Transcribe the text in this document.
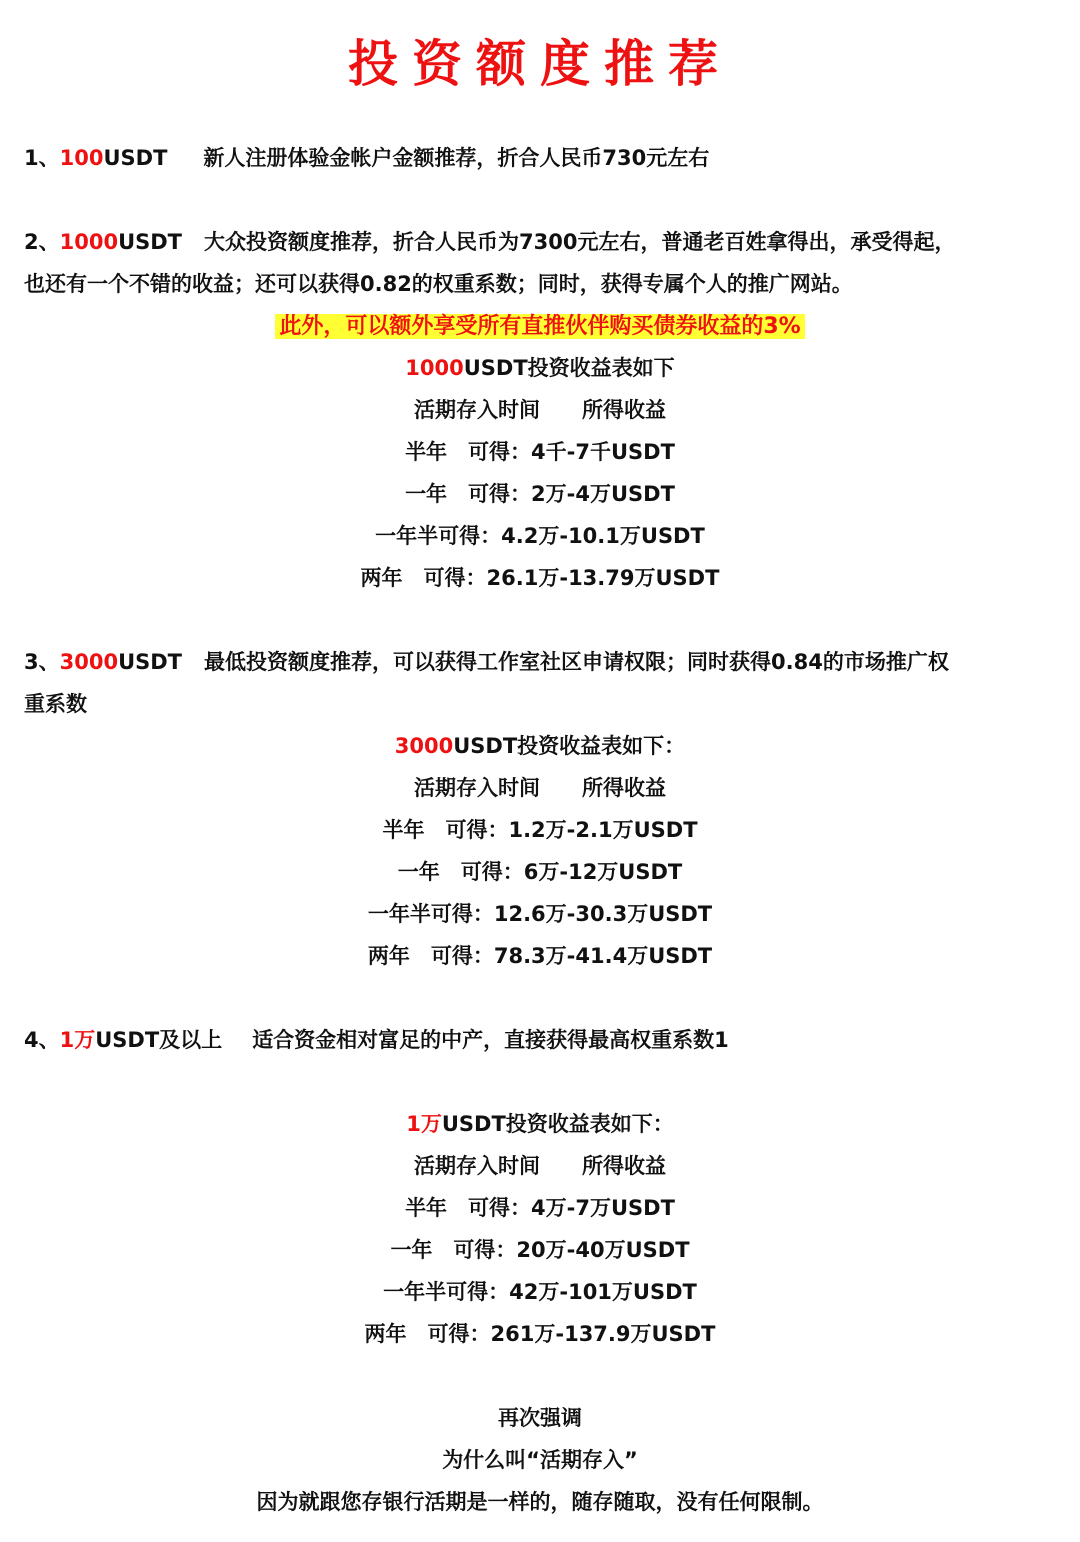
投资额度推荐
1、100USDT 新人注册体验金帐户金额推荐，折合人民币730元左右
2、1000USDT 大众投资额度推荐，折合人民币为7300元左右，普通老百姓拿得出，承受得起，
也还有一个不错的收益；还可以获得0.82的权重系数；同时，获得专属个人的推广网站。
此外，可以额外享受所有直推伙伴购买债券收益的3%
1000USDT投资收益表如下
活期存入时间　　所得收益
半年　可得：4千-7千USDT
一年　可得：2万-4万USDT
一年半可得：4.2万-10.1万USDT
两年　可得：26.1万-13.79万USDT
3、3000USDT 最低投资额度推荐，可以获得工作室社区申请权限；同时获得0.84的市场推广权
重系数
3000USDT投资收益表如下：
活期存入时间　　所得收益
半年　可得：1.2万-2.1万USDT
一年　可得：6万-12万USDT
一年半可得：12.6万-30.3万USDT
两年　可得：78.3万-41.4万USDT
4、1万USDT及以上 适合资金相对富足的中产，直接获得最高权重系数1
1万USDT投资收益表如下：
活期存入时间　　所得收益
半年　可得：4万-7万USDT
一年　可得：20万-40万USDT
一年半可得：42万-101万USDT
两年　可得：261万-137.9万USDT
再次强调
为什么叫“活期存入”
因为就跟您存银行活期是一样的，随存随取，没有任何限制。
